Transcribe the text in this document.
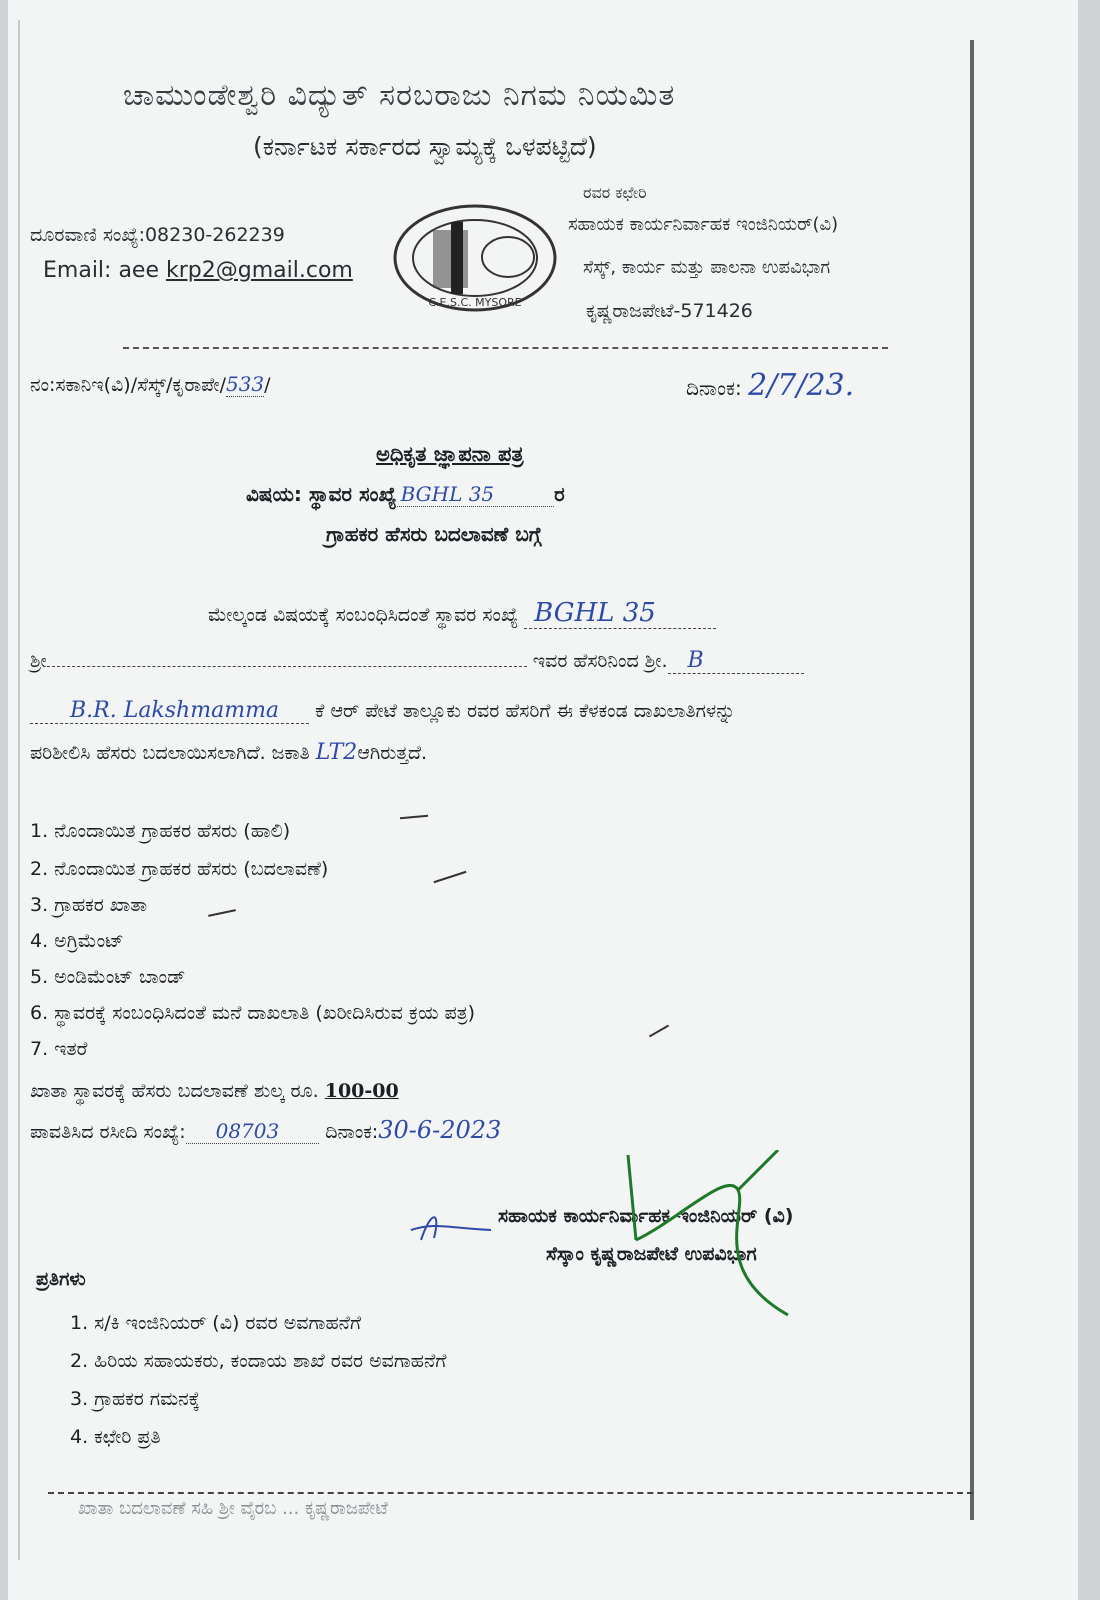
ಚಾಮುಂಡೇಶ್ವರಿ ವಿದ್ಯುತ್ ಸರಬರಾಜು ನಿಗಮ ನಿಯಮಿತ
(ಕರ್ನಾಟಕ ಸರ್ಕಾರದ ಸ್ವಾಮ್ಯಕ್ಕೆ ಒಳಪಟ್ಟಿದೆ)
ದೂರವಾಣಿ ಸಂಖ್ಯೆ:08230-262239
Email: aee krp2@gmail.com
C.E.S.C. MYSORE
ರವರ ಕಛೇರಿ
ಸಹಾಯಕ ಕಾರ್ಯನಿರ್ವಾಹಕ ಇಂಜಿನಿಯರ್(ವಿ)
ಸೆಸ್ಕ್, ಕಾರ್ಯ ಮತ್ತು ಪಾಲನಾ ಉಪವಿಭಾಗ
ಕೃಷ್ಣರಾಜಪೇಟೆ-571426
ನಂ:ಸಕಾನಿಇ(ವಿ)/ಸೆಸ್ಕ್/ಕೃರಾಪೇ/533/	ದಿನಾಂಕ: 2/7/23.
ಅಧಿಕೃತ ಜ್ಞಾಪನಾ ಪತ್ರ
ವಿಷಯ: ಸ್ಥಾವರ ಸಂಖ್ಯೆ BGHL 35	ರ
ಗ್ರಾಹಕರ ಹೆಸರು ಬದಲಾವಣೆ ಬಗ್ಗೆ
ಮೇಲ್ಕಂಡ ವಿಷಯಕ್ಕೆ ಸಂಬಂಧಿಸಿದಂತೆ ಸ್ಥಾವರ ಸಂಖ್ಯೆ BGHL 35
ಶ್ರೀ	ಇವರ ಹೆಸರಿನಿಂದ ಶ್ರೀ. B
B.R. Lakshmamma ಕೆ ಆರ್ ಪೇಟೆ ತಾಲ್ಲೂಕು ರವರ ಹೆಸರಿಗೆ ಈ ಕೆಳಕಂಡ ದಾಖಲಾತಿಗಳನ್ನು
ಪರಿಶೀಲಿಸಿ ಹೆಸರು ಬದಲಾಯಿಸಲಾಗಿದೆ. ಜಕಾತಿ LT2ಆಗಿರುತ್ತದೆ.
1. ನೊಂದಾಯಿತ ಗ್ರಾಹಕರ ಹೆಸರು (ಹಾಲಿ)
2. ನೊಂದಾಯಿತ ಗ್ರಾಹಕರ ಹೆಸರು (ಬದಲಾವಣೆ)
3. ಗ್ರಾಹಕರ ಖಾತಾ
4. ಅಗ್ರಿಮೆಂಟ್
5. ಅಂಡಿಮೆಂಟ್ ಬಾಂಡ್
6. ಸ್ಥಾವರಕ್ಕೆ ಸಂಬಂಧಿಸಿದಂತೆ ಮನೆ ದಾಖಲಾತಿ (ಖರೀದಿಸಿರುವ ಕ್ರಯ ಪತ್ರ)
7. ಇತರೆ
ಖಾತಾ ಸ್ಥಾವರಕ್ಕೆ ಹೆಸರು ಬದಲಾವಣೆ ಶುಲ್ಕ ರೂ. 100-00
ಪಾವತಿಸಿದ ರಸೀದಿ ಸಂಖ್ಯೆ: 08703 ದಿನಾಂಕ:30-6-2023
ಸಹಾಯಕ ಕಾರ್ಯನಿರ್ವಾಹಕ ಇಂಜಿನಿಯರ್ (ವಿ)
ಸೆಸ್ಕಾಂ ಕೃಷ್ಣರಾಜಪೇಟೆ ಉಪವಿಭಾಗ
ಪ್ರತಿಗಳು
1. ಸ/ಕಿ ಇಂಜಿನಿಯರ್ (ವಿ) ರವರ ಅವಗಾಹನೆಗೆ
2. ಹಿರಿಯ ಸಹಾಯಕರು, ಕಂದಾಯ ಶಾಖೆ ರವರ ಅವಗಾಹನೆಗೆ
3. ಗ್ರಾಹಕರ ಗಮನಕ್ಕೆ
4. ಕಛೇರಿ ಪ್ರತಿ
ಖಾತಾ ಬದಲಾವಣೆ ಸಹಿ ಶ್ರೀ ವೈರಬ ... ಕೃಷ್ಣರಾಜಪೇಟೆ
